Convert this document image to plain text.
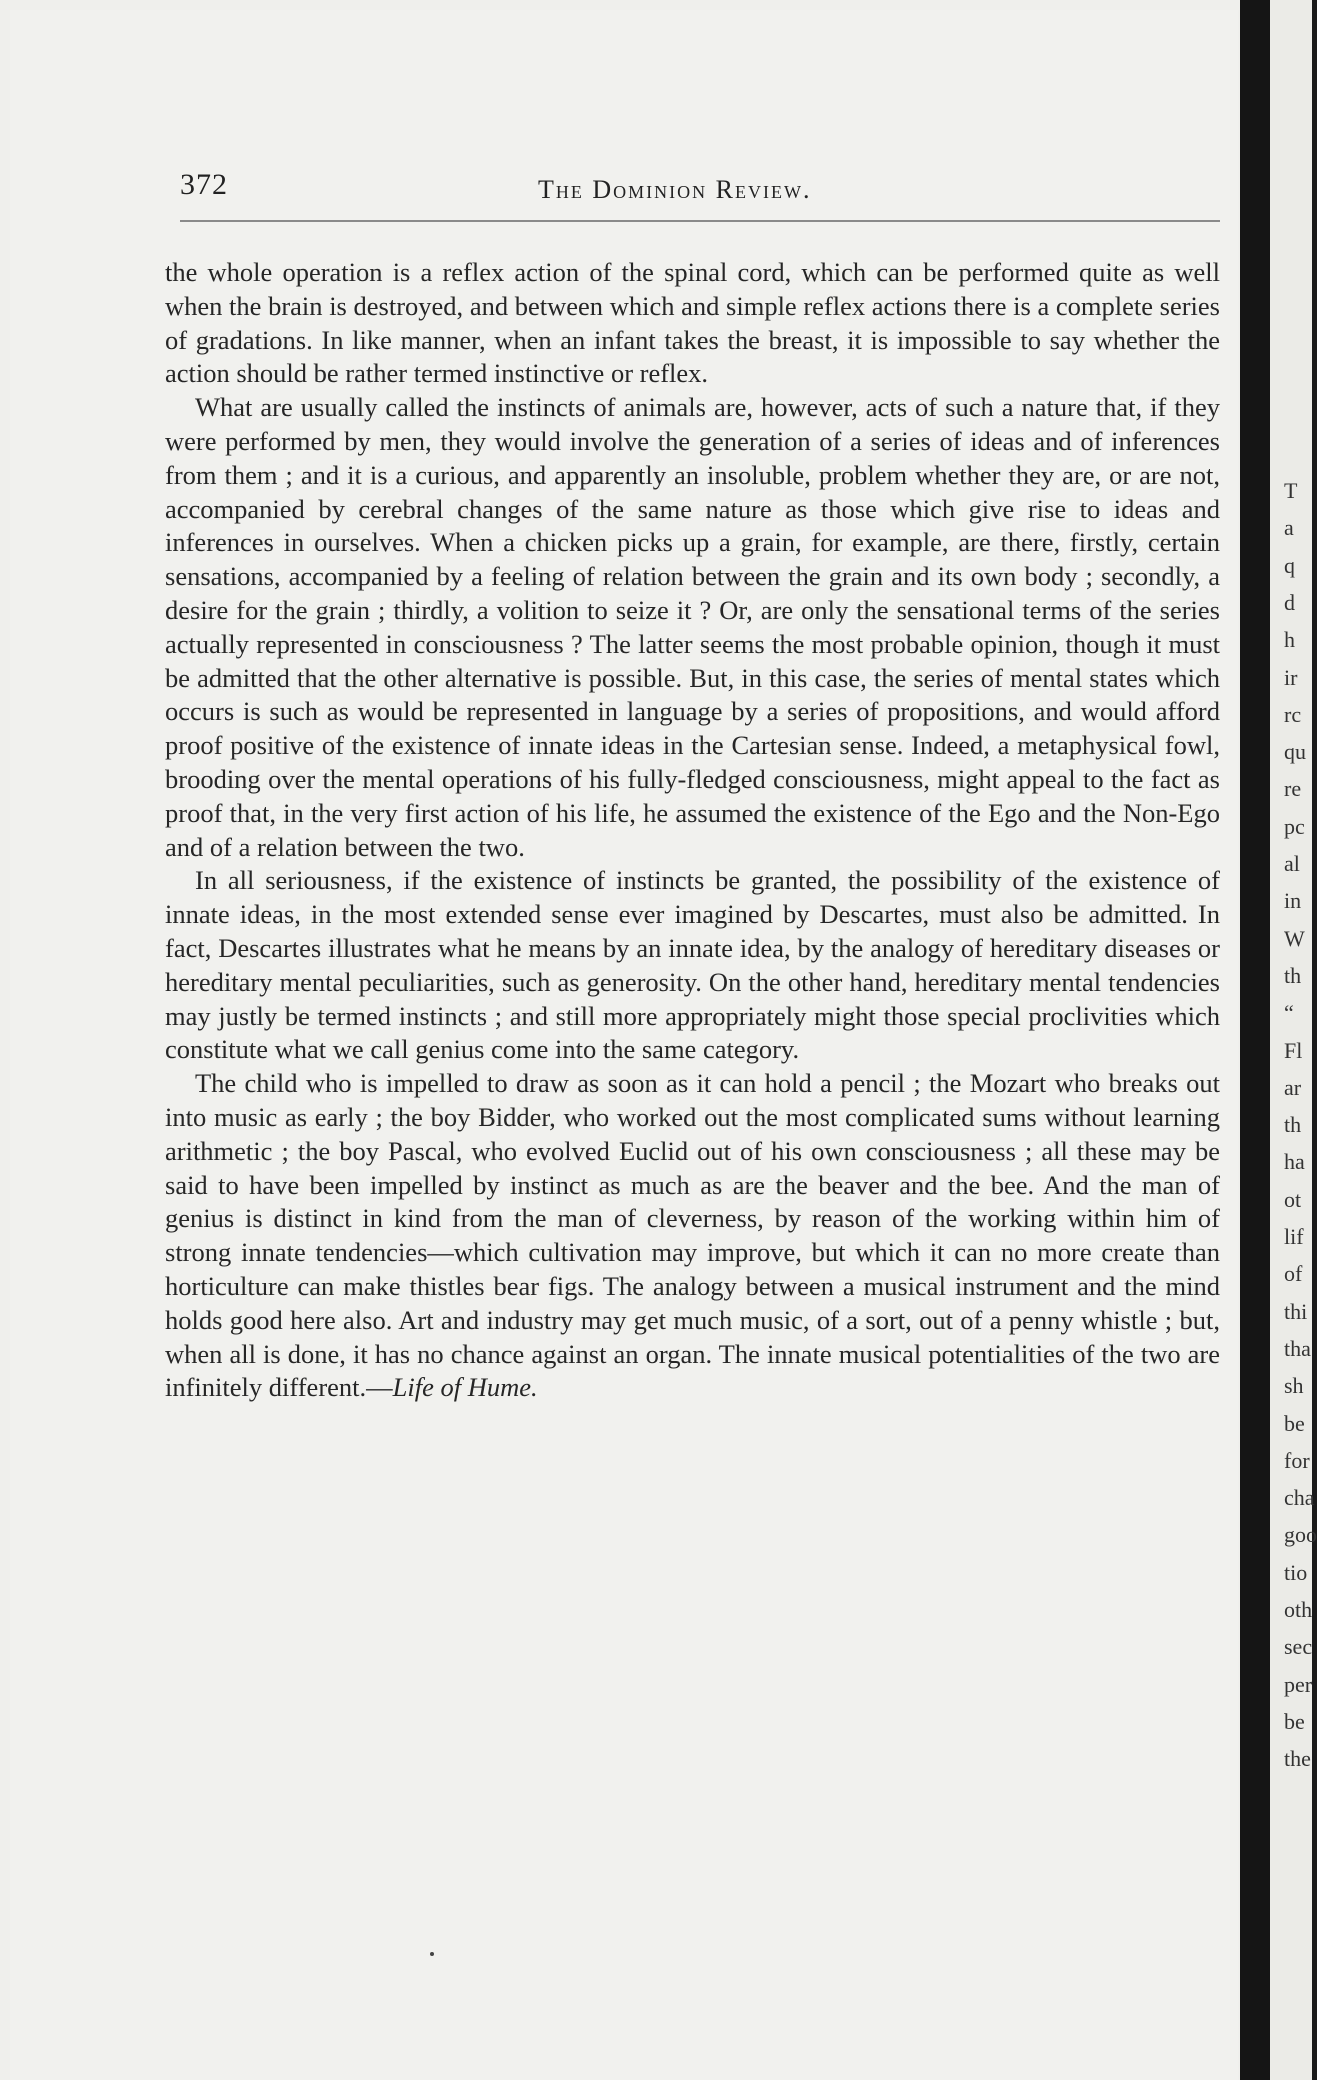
372	The Dominion Review.

the whole operation is a reflex action of the spinal cord, which can be performed quite as well when the brain is destroyed, and between which and simple reflex actions there is a complete series of gradations. In like manner, when an infant takes the breast, it is impossible to say whether the action should be rather termed instinctive or reflex.

What are usually called the instincts of animals are, however, acts of such a nature that, if they were performed by men, they would involve the generation of a series of ideas and of inferences from them ; and it is a curious, and apparently an insoluble, problem whether they are, or are not, accompanied by cerebral changes of the same nature as those which give rise to ideas and inferences in ourselves. When a chicken picks up a grain, for example, are there, firstly, certain sensations, accompanied by a feeling of relation between the grain and its own body ; secondly, a desire for the grain ; thirdly, a volition to seize it ? Or, are only the sensational terms of the series actually represented in consciousness ? The latter seems the most probable opinion, though it must be admitted that the other alternative is possible. But, in this case, the series of mental states which occurs is such as would be represented in language by a series of propositions, and would afford proof positive of the existence of innate ideas in the Cartesian sense. Indeed, a metaphysical fowl, brooding over the mental operations of his fully-fledged consciousness, might appeal to the fact as proof that, in the very first action of his life, he assumed the existence of the Ego and the Non-Ego and of a relation between the two.

In all seriousness, if the existence of instincts be granted, the possibility of the existence of innate ideas, in the most extended sense ever imagined by Descartes, must also be admitted. In fact, Descartes illustrates what he means by an innate idea, by the analogy of hereditary diseases or hereditary mental peculiarities, such as generosity. On the other hand, hereditary mental tendencies may justly be termed instincts ; and still more appropriately might those special proclivities which constitute what we call genius come into the same category.

The child who is impelled to draw as soon as it can hold a pencil ; the Mozart who breaks out into music as early ; the boy Bidder, who worked out the most complicated sums without learning arithmetic ; the boy Pascal, who evolved Euclid out of his own consciousness ; all these may be said to have been impelled by instinct as much as are the beaver and the bee. And the man of genius is distinct in kind from the man of cleverness, by reason of the working within him of strong innate tendencies—which cultivation may improve, but which it can no more create than horticulture can make thistles bear figs. The analogy between a musical instrument and the mind holds good here also. Art and industry may get much music, of a sort, out of a penny whistle ; but, when all is done, it has no chance against an organ. The innate musical potentialities of the two are infinitely different.—Life of Hume.

T
a
q
d
h
ir
rc
qu
re
pc
al
in
W
th
“
Fl
ar
th
ha
ot
lif
of
thi
tha
sh
be
for
cha
goo
tio
oth
sec
per
be
the
